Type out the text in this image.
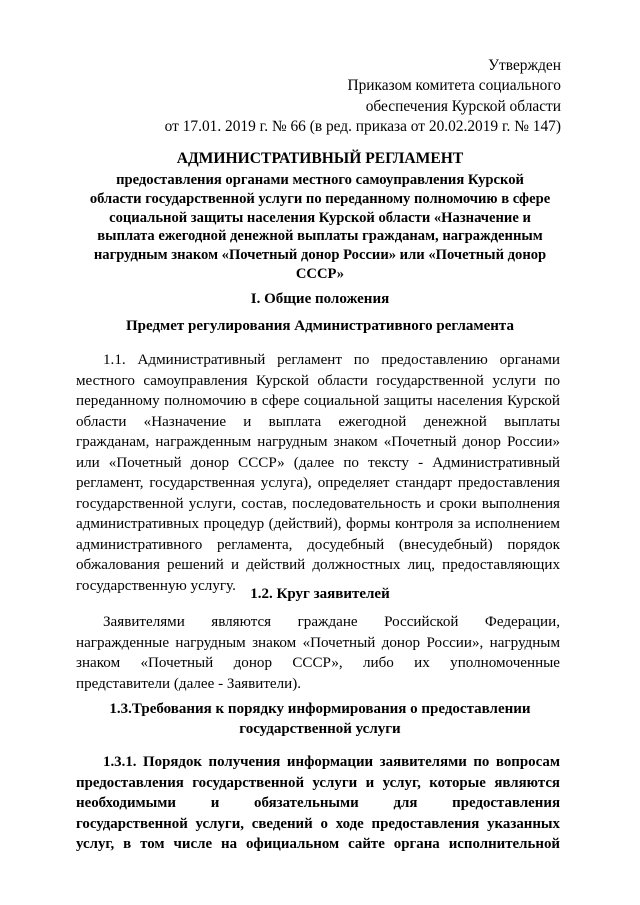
Утвержден
Приказом комитета социального
обеспечения Курской области
от 17.01. 2019 г. № 66 (в ред. приказа от 20.02.2019 г. № 147)
АДМИНИСТРАТИВНЫЙ РЕГЛАМЕНТ
предоставления органами местного самоуправления Курской
области государственной услуги по переданному полномочию в сфере
социальной защиты населения Курской области «Назначение и
выплата ежегодной денежной выплаты гражданам, награжденным
нагрудным знаком «Почетный донор России» или «Почетный донор
СССР»
I. Общие положения
Предмет регулирования Административного регламента
1.1. Административный регламент по предоставлению органами
местного самоуправления Курской области государственной услуги по
переданному полномочию в сфере социальной защиты населения Курской
области «Назначение и выплата ежегодной денежной выплаты
гражданам, награжденным нагрудным знаком «Почетный донор России»
или «Почетный донор СССР» (далее по тексту - Административный
регламент, государственная услуга), определяет стандарт предоставления
государственной услуги, состав, последовательность и сроки выполнения
административных процедур (действий), формы контроля за исполнением
административного регламента, досудебный (внесудебный) порядок
обжалования решений и действий должностных лиц, предоставляющих
государственную услугу.
1.2. Круг заявителей
Заявителями являются граждане Российской Федерации,
награжденные нагрудным знаком «Почетный донор России», нагрудным
знаком «Почетный донор СССР», либо их уполномоченные
представители (далее - Заявители).
1.3.Требования к порядку информирования о предоставлении
государственной услуги
1.3.1. Порядок получения информации заявителями по вопросам
предоставления государственной услуги и услуг, которые являются
необходимыми и обязательными для предоставления
государственной услуги, сведений о ходе предоставления указанных
услуг, в том числе на официальном сайте органа исполнительной
